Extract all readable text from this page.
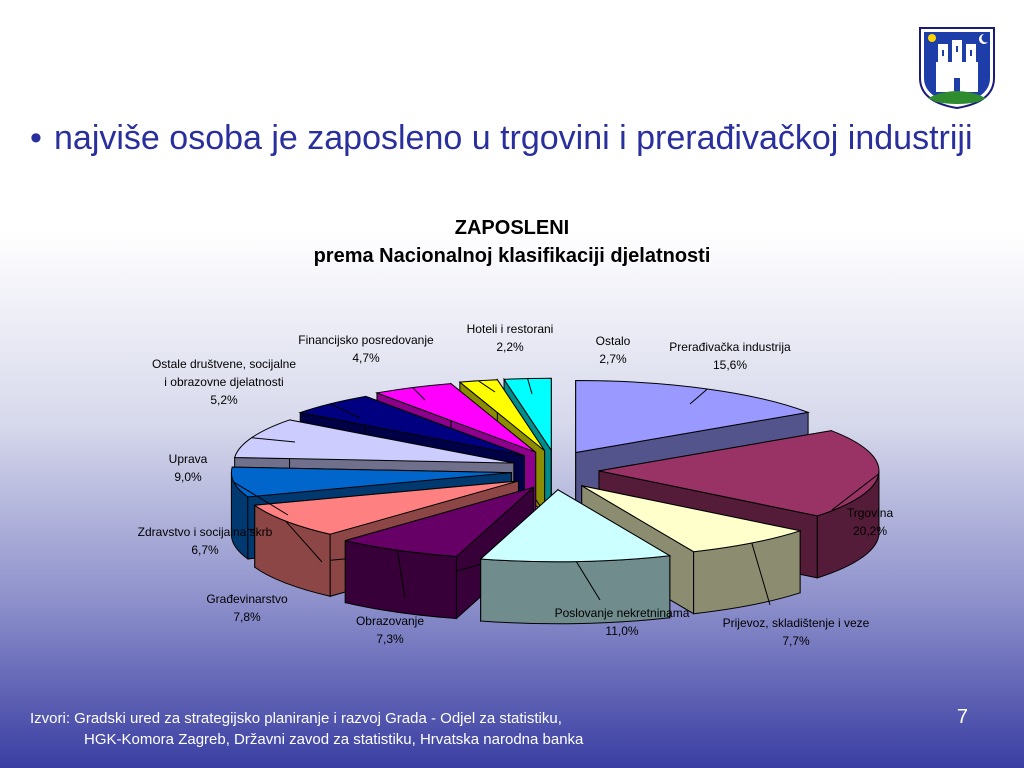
• najviše osoba je zaposleno u trgovini i prerađivačkoj industriji
ZAPOSLENI
prema Nacionalnoj klasifikaciji djelatnosti
Prerađivačka industrija
15,6%
Trgovina
20,2%
Prijevoz, skladištenje i veze
7,7%
Poslovanje nekretninama
11,0%
Obrazovanje
7,3%
Građevinarstvo
7,8%
Zdravstvo i socijalna skrb
6,7%
Uprava
9,0%
Ostale društvene, socijalne
i obrazovne djelatnosti
5,2%
Financijsko posredovanje
4,7%
Hoteli i restorani
2,2%	Ostalo
2,7%
Izvori: Gradski ured za strategijsko planiranje i razvoj Grada - Odjel za statistiku,
HGK-Komora Zagreb, Državni zavod za statistiku, Hrvatska narodna banka
7
